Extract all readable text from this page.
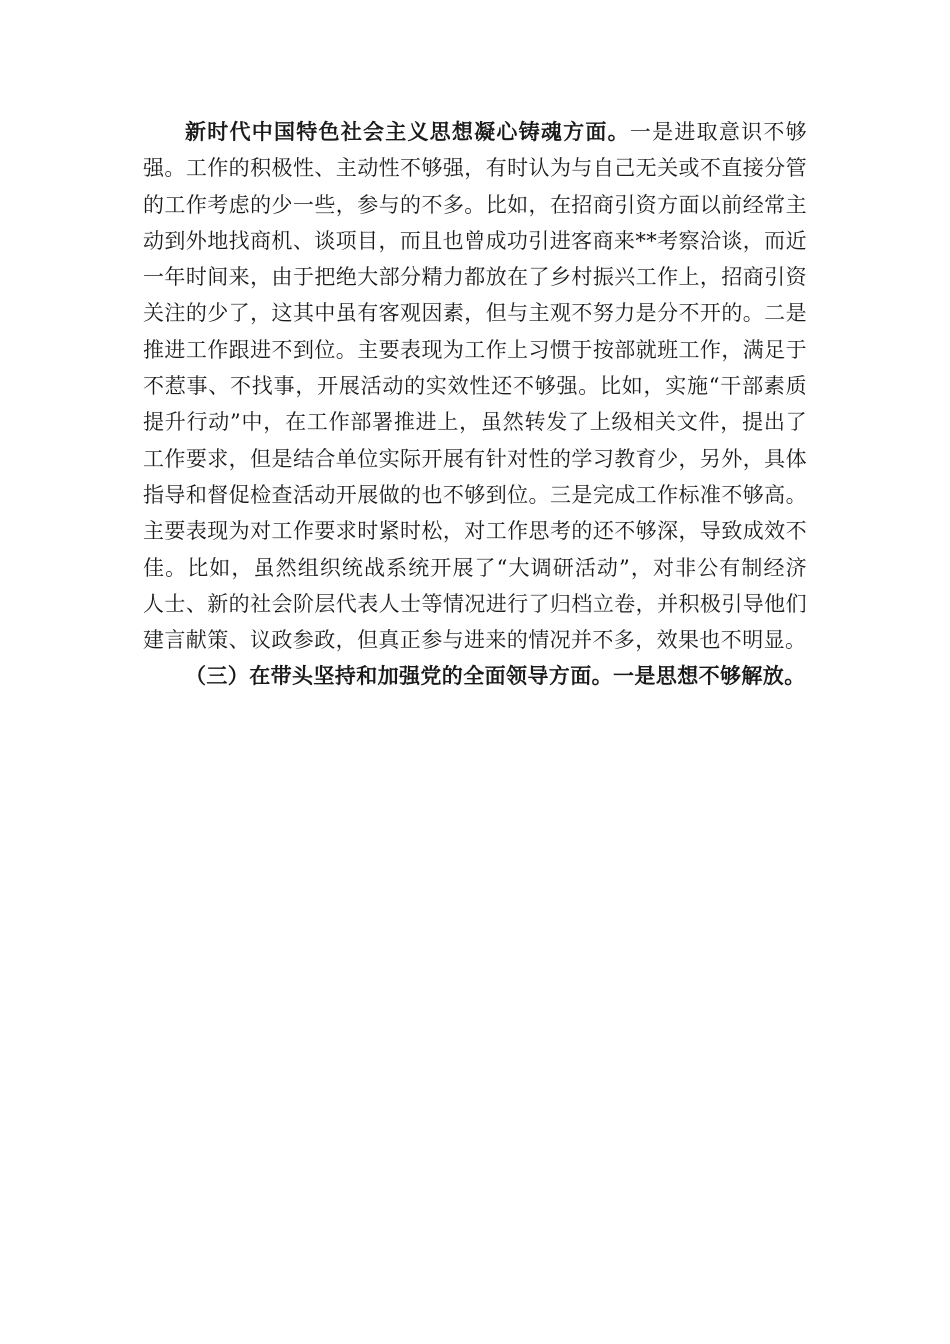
新时代中国特色社会主义思想凝心铸魂方面。一是进取意识不够强。工作的积极性、主动性不够强，有时认为与自己无关或不直接分管的工作考虑的少一些，参与的不多。比如，在招商引资方面以前经常主动到外地找商机、谈项目，而且也曾成功引进客商来**考察洽谈，而近一年时间来，由于把绝大部分精力都放在了乡村振兴工作上，招商引资关注的少了，这其中虽有客观因素，但与主观不努力是分不开的。二是推进工作跟进不到位。主要表现为工作上习惯于按部就班工作，满足于不惹事、不找事，开展活动的实效性还不够强。比如，实施“干部素质提升行动”中，在工作部署推进上，虽然转发了上级相关文件，提出了工作要求，但是结合单位实际开展有针对性的学习教育少，另外，具体指导和督促检查活动开展做的也不够到位。三是完成工作标准不够高。主要表现为对工作要求时紧时松，对工作思考的还不够深，导致成效不佳。比如，虽然组织统战系统开展了“大调研活动”，对非公有制经济人士、新的社会阶层代表人士等情况进行了归档立卷，并积极引导他们建言献策、议政参政，但真正参与进来的情况并不多，效果也不明显。

（三）在带头坚持和加强党的全面领导方面。一是思想不够解放。
